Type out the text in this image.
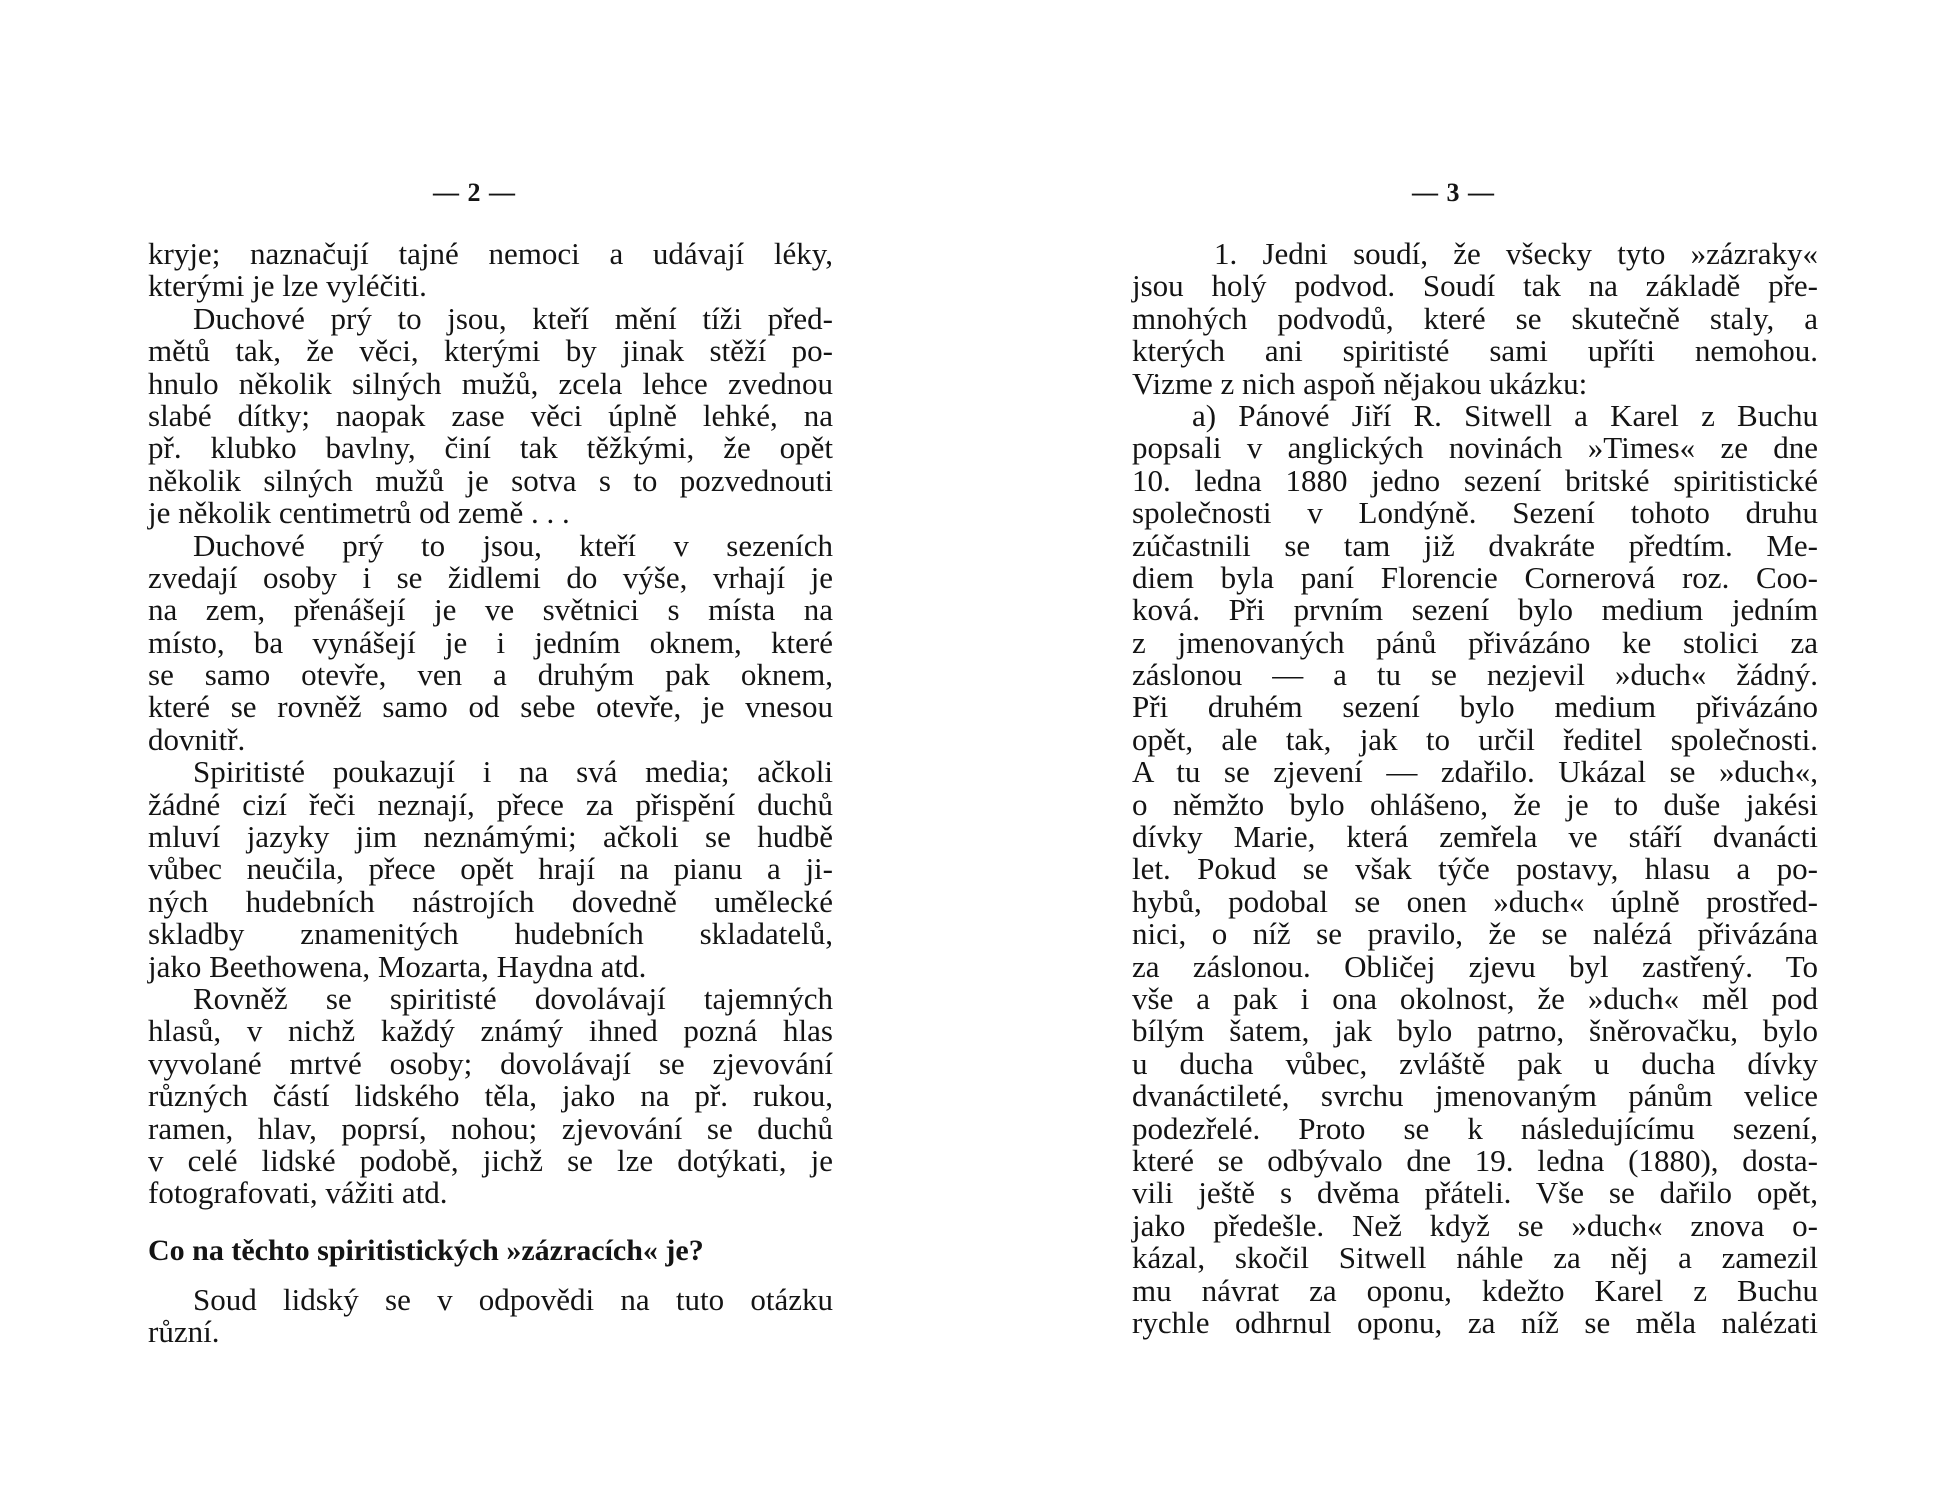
— 2 —
kryje; naznačují tajné nemoci a udávají léky,
kterými je lze vyléčiti.
Duchové prý to jsou, kteří mění tíži před-
mětů tak, že věci, kterými by jinak stěží po-
hnulo několik silných mužů, zcela lehce zvednou
slabé dítky; naopak zase věci úplně lehké, na
př. klubko bavlny, činí tak těžkými, že opět
několik silných mužů je sotva s to pozvednouti
je několik centimetrů od země . . .
Duchové prý to jsou, kteří v sezeních
zvedají osoby i se židlemi do výše, vrhají je
na zem, přenášejí je ve světnici s místa na
místo, ba vynášejí je i jedním oknem, které
se samo otevře, ven a druhým pak oknem,
které se rovněž samo od sebe otevře, je vnesou
dovnitř.
Spiritisté poukazují i na svá media; ačkoli
žádné cizí řeči neznají, přece za přispění duchů
mluví jazyky jim neznámými; ačkoli se hudbě
vůbec neučila, přece opět hrají na pianu a ji-
ných hudebních nástrojích dovedně umělecké
skladby znamenitých hudebních skladatelů,
jako Beethowena, Mozarta, Haydna atd.
Rovněž se spiritisté dovolávají tajemných
hlasů, v nichž každý známý ihned pozná hlas
vyvolané mrtvé osoby; dovolávají se zjevování
různých částí lidského těla, jako na př. rukou,
ramen, hlav, poprsí, nohou; zjevování se duchů
v celé lidské podobě, jichž se lze dotýkati, je
fotografovati, vážiti atd.
Co na těchto spiritistických »zázracích« je?
Soud lidský se v odpovědi na tuto otázku
různí.
— 3 —
1. Jedni soudí, že všecky tyto »zázraky«
jsou holý podvod. Soudí tak na základě pře-
mnohých podvodů, které se skutečně staly, a
kterých ani spiritisté sami upříti nemohou.
Vizme z nich aspoň nějakou ukázku:
a) Pánové Jiří R. Sitwell a Karel z Buchu
popsali v anglických novinách »Times« ze dne
10. ledna 1880 jedno sezení britské spiritistické
společnosti v Londýně. Sezení tohoto druhu
zúčastnili se tam již dvakráte předtím. Me-
diem byla paní Florencie Cornerová roz. Coo-
ková. Při prvním sezení bylo medium jedním
z jmenovaných pánů přivázáno ke stolici za
záslonou — a tu se nezjevil »duch« žádný.
Při druhém sezení bylo medium přivázáno
opět, ale tak, jak to určil ředitel společnosti.
A tu se zjevení — zdařilo. Ukázal se »duch«,
o němžto bylo ohlášeno, že je to duše jakési
dívky Marie, která zemřela ve stáří dvanácti
let. Pokud se však týče postavy, hlasu a po-
hybů, podobal se onen »duch« úplně prostřed-
nici, o níž se pravilo, že se nalézá přivázána
za záslonou. Obličej zjevu byl zastřený. To
vše a pak i ona okolnost, že »duch« měl pod
bílým šatem, jak bylo patrno, šněrovačku, bylo
u ducha vůbec, zvláště pak u ducha dívky
dvanáctileté, svrchu jmenovaným pánům velice
podezřelé. Proto se k následujícímu sezení,
které se odbývalo dne 19. ledna (1880), dosta-
vili ještě s dvěma přáteli. Vše se dařilo opět,
jako předešle. Než když se »duch« znova o-
kázal, skočil Sitwell náhle za něj a zamezil
mu návrat za oponu, kdežto Karel z Buchu
rychle odhrnul oponu, za níž se měla nalézati
